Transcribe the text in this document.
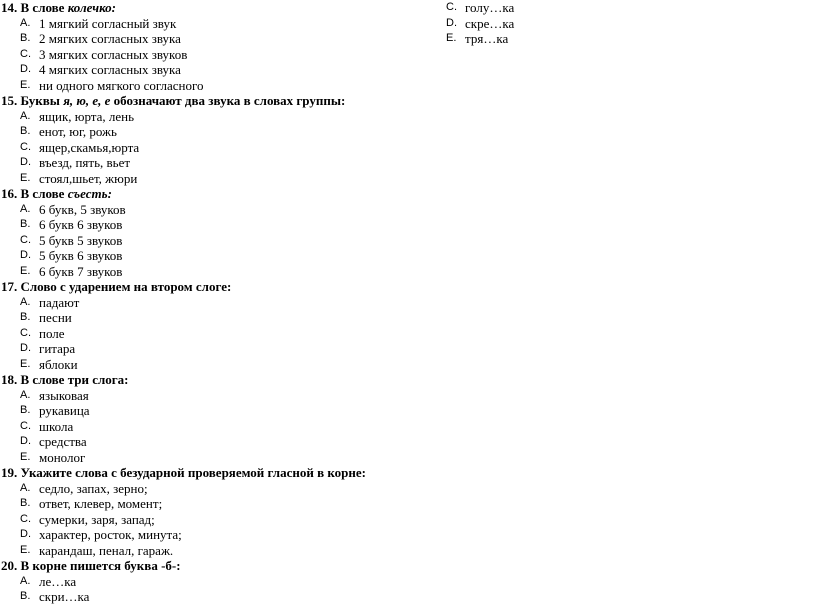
14. В слове колечко:
A. 1 мягкий согласный звук
B. 2 мягких согласных звука
C. 3 мягких согласных звуков
D. 4 мягких согласных звука
E. ни одного мягкого согласного
15. Буквы я, ю, е, е обозначают два звука в словах группы:
A. ящик, юрта, лень
B. енот, юг, рожь
C. ящер,скамья,юрта
D. въезд, пять, вьет
E. стоял,шьет, жюри
16. В слове съесть:
A. 6 букв, 5 звуков
B. 6 букв 6 звуков
C. 5 букв 5 звуков
D. 5 букв 6 звуков
E. 6 букв 7 звуков
17. Слово с ударением на втором слоге:
A. падают
B. песни
C. поле
D. гитара
E. яблоки
18. В слове три слога:
A. языковая
B. рукавица
C. школа
D. средства
E. монолог
19. Укажите слова с безударной проверяемой гласной в корне:
A. седло, запах, зерно;
B. ответ, клевер, момент;
C. сумерки, заря, запад;
D. характер, росток, минута;
E. карандаш, пенал, гараж.
20. В корне пишется буква -б-:
A. ле…ка
B. скри…ка
C. голу…ка
D. скре…ка
E. тря…ка
